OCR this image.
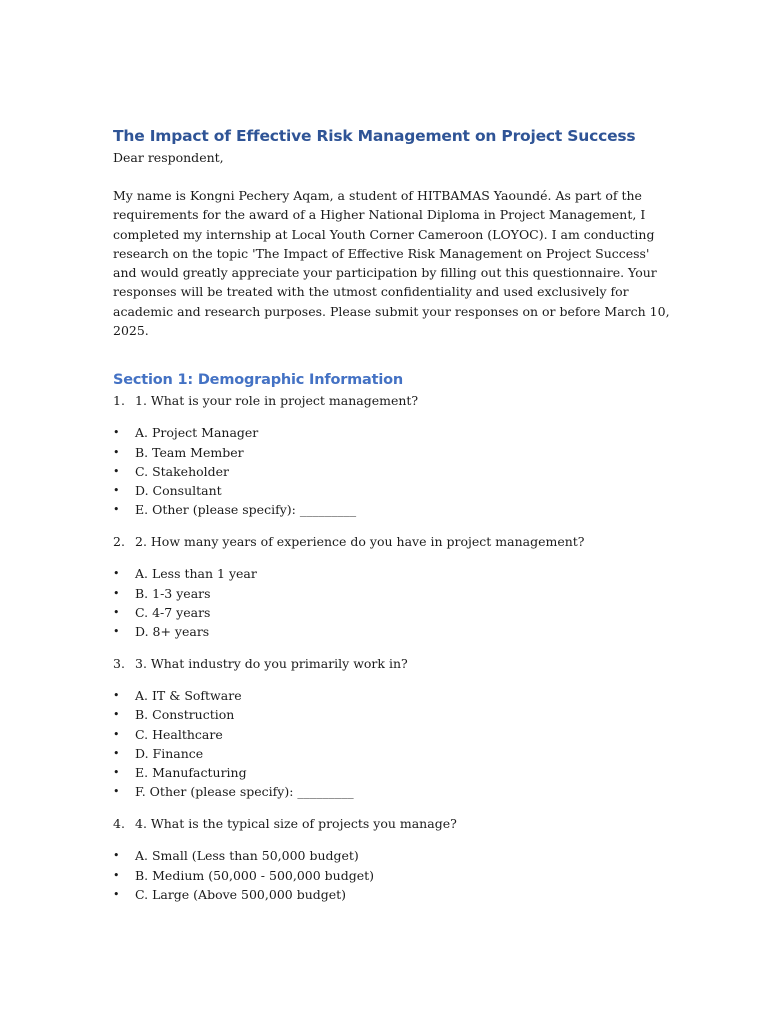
The Impact of Effective Risk Management on Project Success

Dear respondent,

My name is Kongni Pechery Aqam, a student of HITBAMAS Yaoundé. As part of the requirements for the award of a Higher National Diploma in Project Management, I completed my internship at Local Youth Corner Cameroon (LOYOC). I am conducting research on the topic 'The Impact of Effective Risk Management on Project Success' and would greatly appreciate your participation by filling out this questionnaire. Your responses will be treated with the utmost confidentiality and used exclusively for academic and research purposes. Please submit your responses on or before March 10, 2025.

Section 1: Demographic Information

1. 1. What is your role in project management?

•	A. Project Manager
•	B. Team Member
•	C. Stakeholder
•	D. Consultant
•	E. Other (please specify): _________

2. 2. How many years of experience do you have in project management?

•	A. Less than 1 year
•	B. 1-3 years
•	C. 4-7 years
•	D. 8+ years

3. 3. What industry do you primarily work in?

•	A. IT & Software
•	B. Construction
•	C. Healthcare
•	D. Finance
•	E. Manufacturing
•	F. Other (please specify): _________

4. 4. What is the typical size of projects you manage?

•	A. Small (Less than 50,000 budget)
•	B. Medium (50,000 - 500,000 budget)
•	C. Large (Above 500,000 budget)
